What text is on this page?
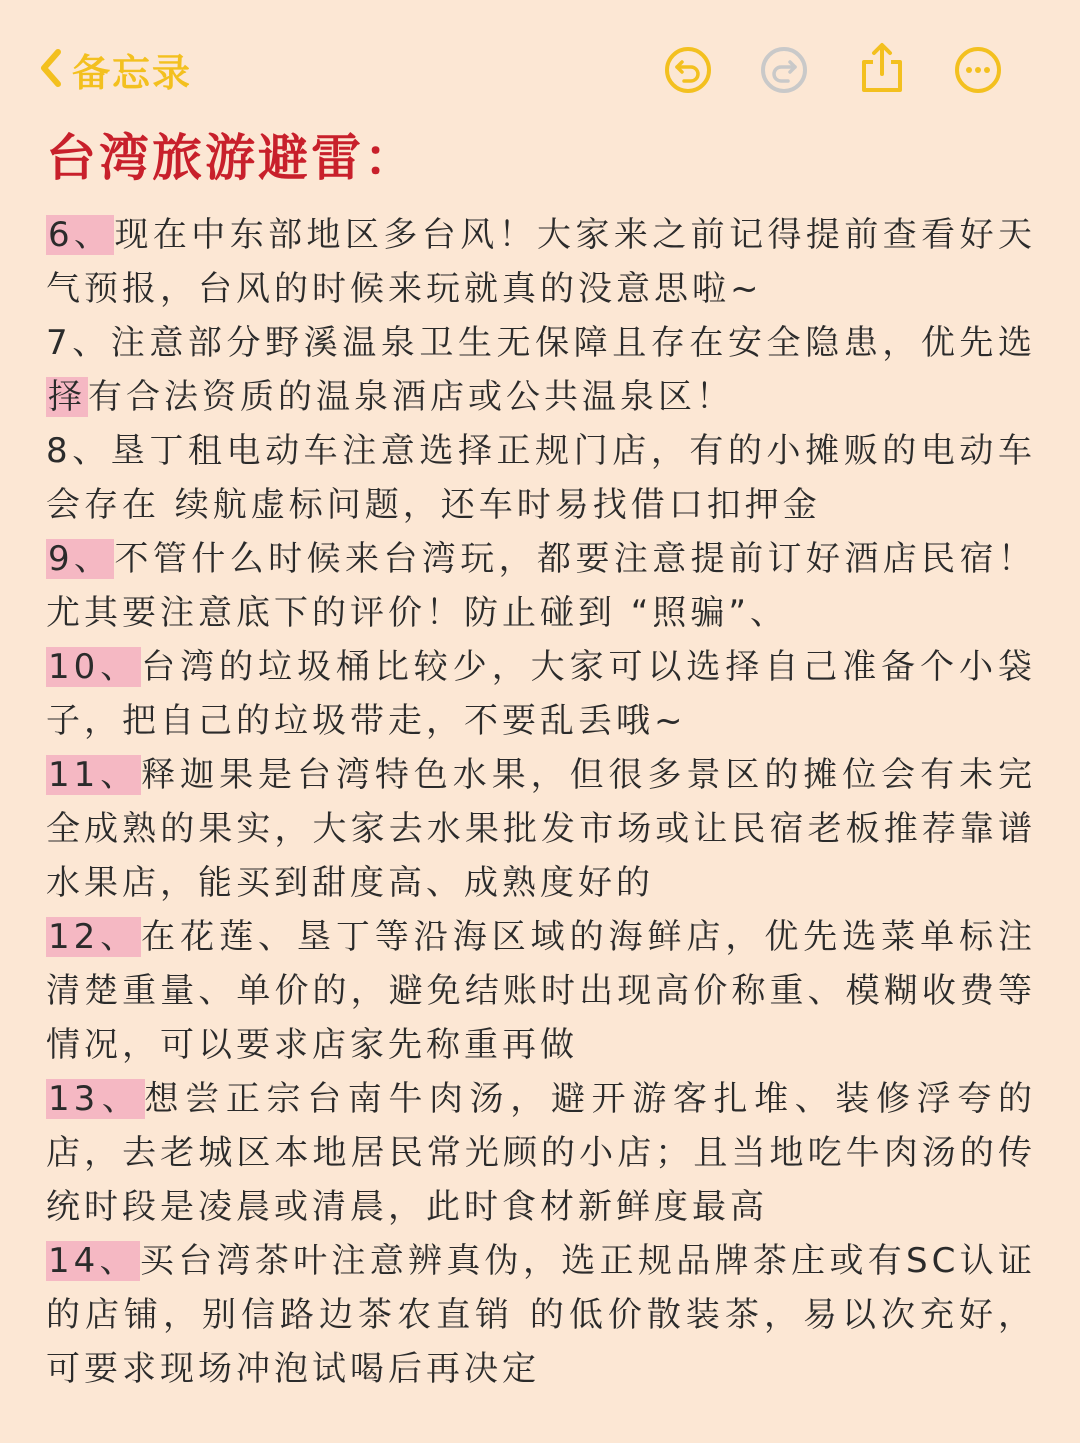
备忘录
台湾旅游避雷：

6、现在中东部地区多台风！大家来之前记得提前查看好天气预报，台风的时候来玩就真的没意思啦~

7、注意部分野溪温泉卫生无保障且存在安全隐患，优先选择有合法资质的温泉酒店或公共温泉区！

8、垦丁租电动车注意选择正规门店，有的小摊贩的电动车会存在 续航虚标问题，还车时易找借口扣押金

9、不管什么时候来台湾玩，都要注意提前订好酒店民宿！尤其要注意底下的评价！防止碰到 “照骗”、

10、台湾的垃圾桶比较少，大家可以选择自己准备个小袋子，把自己的垃圾带走，不要乱丢哦~

11、释迦果是台湾特色水果，但很多景区的摊位会有未完全成熟的果实，大家去水果批发市场或让民宿老板推荐靠谱水果店，能买到甜度高、成熟度好的

12、在花莲、垦丁等沿海区域的海鲜店，优先选菜单标注清楚重量、单价的，避免结账时出现高价称重、模糊收费等情况，可以要求店家先称重再做

13、想尝正宗台南牛肉汤，避开游客扎堆、装修浮夸的店，去老城区本地居民常光顾的小店；且当地吃牛肉汤的传统时段是凌晨或清晨，此时食材新鲜度最高

14、买台湾茶叶注意辨真伪，选正规品牌茶庄或有SC认证的店铺，别信路边茶农直销 的低价散装茶，易以次充好，可要求现场冲泡试喝后再决定
